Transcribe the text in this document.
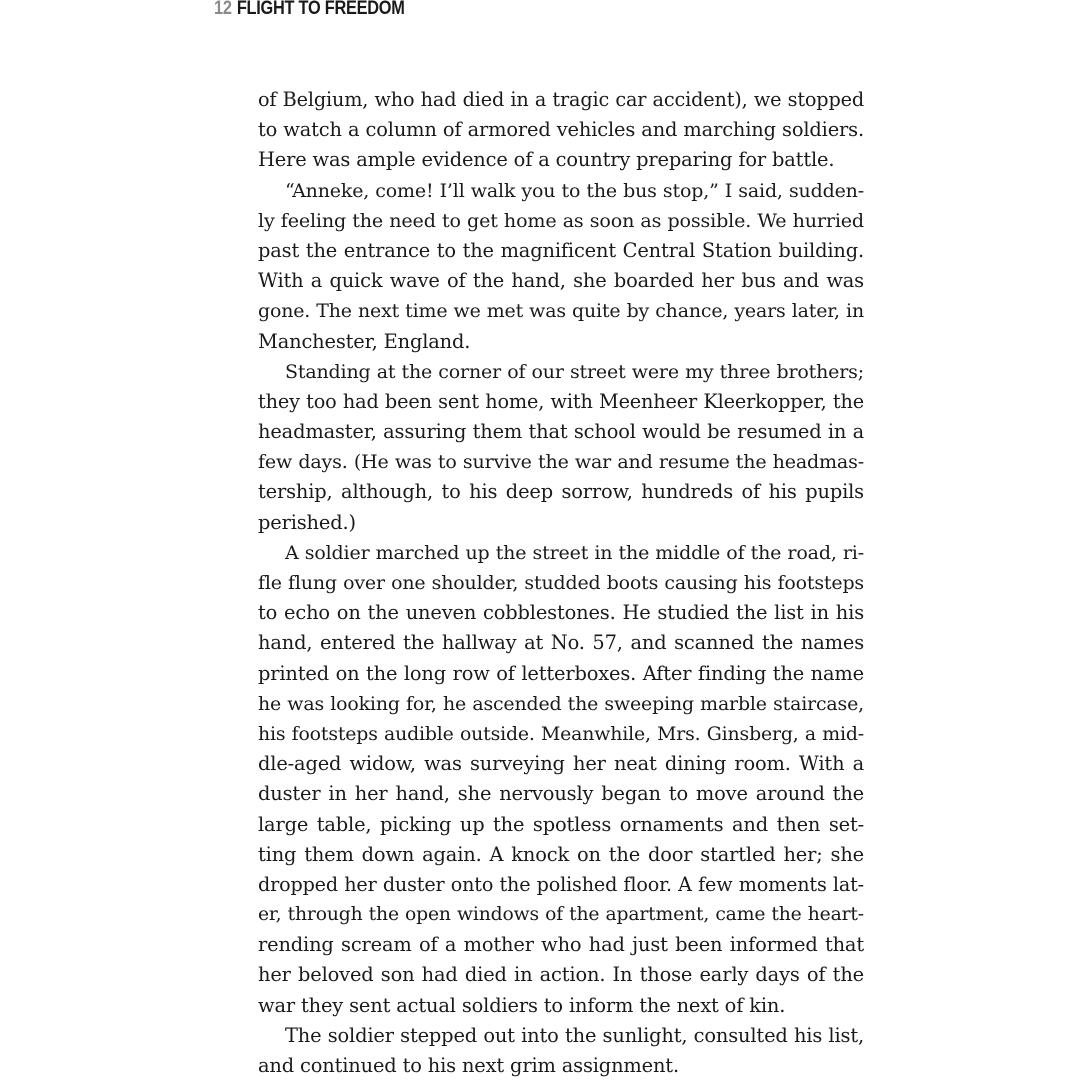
12 FLIGHT TO FREEDOM
of Belgium, who had died in a tragic car accident), we stopped
to watch a column of armored vehicles and marching soldiers.
Here was ample evidence of a country preparing for battle.
“Anneke, come! I’ll walk you to the bus stop,” I said, sudden-
ly feeling the need to get home as soon as possible. We hurried
past the entrance to the magnificent Central Station building.
With a quick wave of the hand, she boarded her bus and was
gone. The next time we met was quite by chance, years later, in
Manchester, England.
Standing at the corner of our street were my three brothers;
they too had been sent home, with Meenheer Kleerkopper, the
headmaster, assuring them that school would be resumed in a
few days. (He was to survive the war and resume the headmas-
tership, although, to his deep sorrow, hundreds of his pupils
perished.)
A soldier marched up the street in the middle of the road, ri-
fle flung over one shoulder, studded boots causing his footsteps
to echo on the uneven cobblestones. He studied the list in his
hand, entered the hallway at No. 57, and scanned the names
printed on the long row of letterboxes. After finding the name
he was looking for, he ascended the sweeping marble staircase,
his footsteps audible outside. Meanwhile, Mrs. Ginsberg, a mid-
dle-aged widow, was surveying her neat dining room. With a
duster in her hand, she nervously began to move around the
large table, picking up the spotless ornaments and then set-
ting them down again. A knock on the door startled her; she
dropped her duster onto the polished floor. A few moments lat-
er, through the open windows of the apartment, came the heart-
rending scream of a mother who had just been informed that
her beloved son had died in action. In those early days of the
war they sent actual soldiers to inform the next of kin.
The soldier stepped out into the sunlight, consulted his list,
and continued to his next grim assignment.
